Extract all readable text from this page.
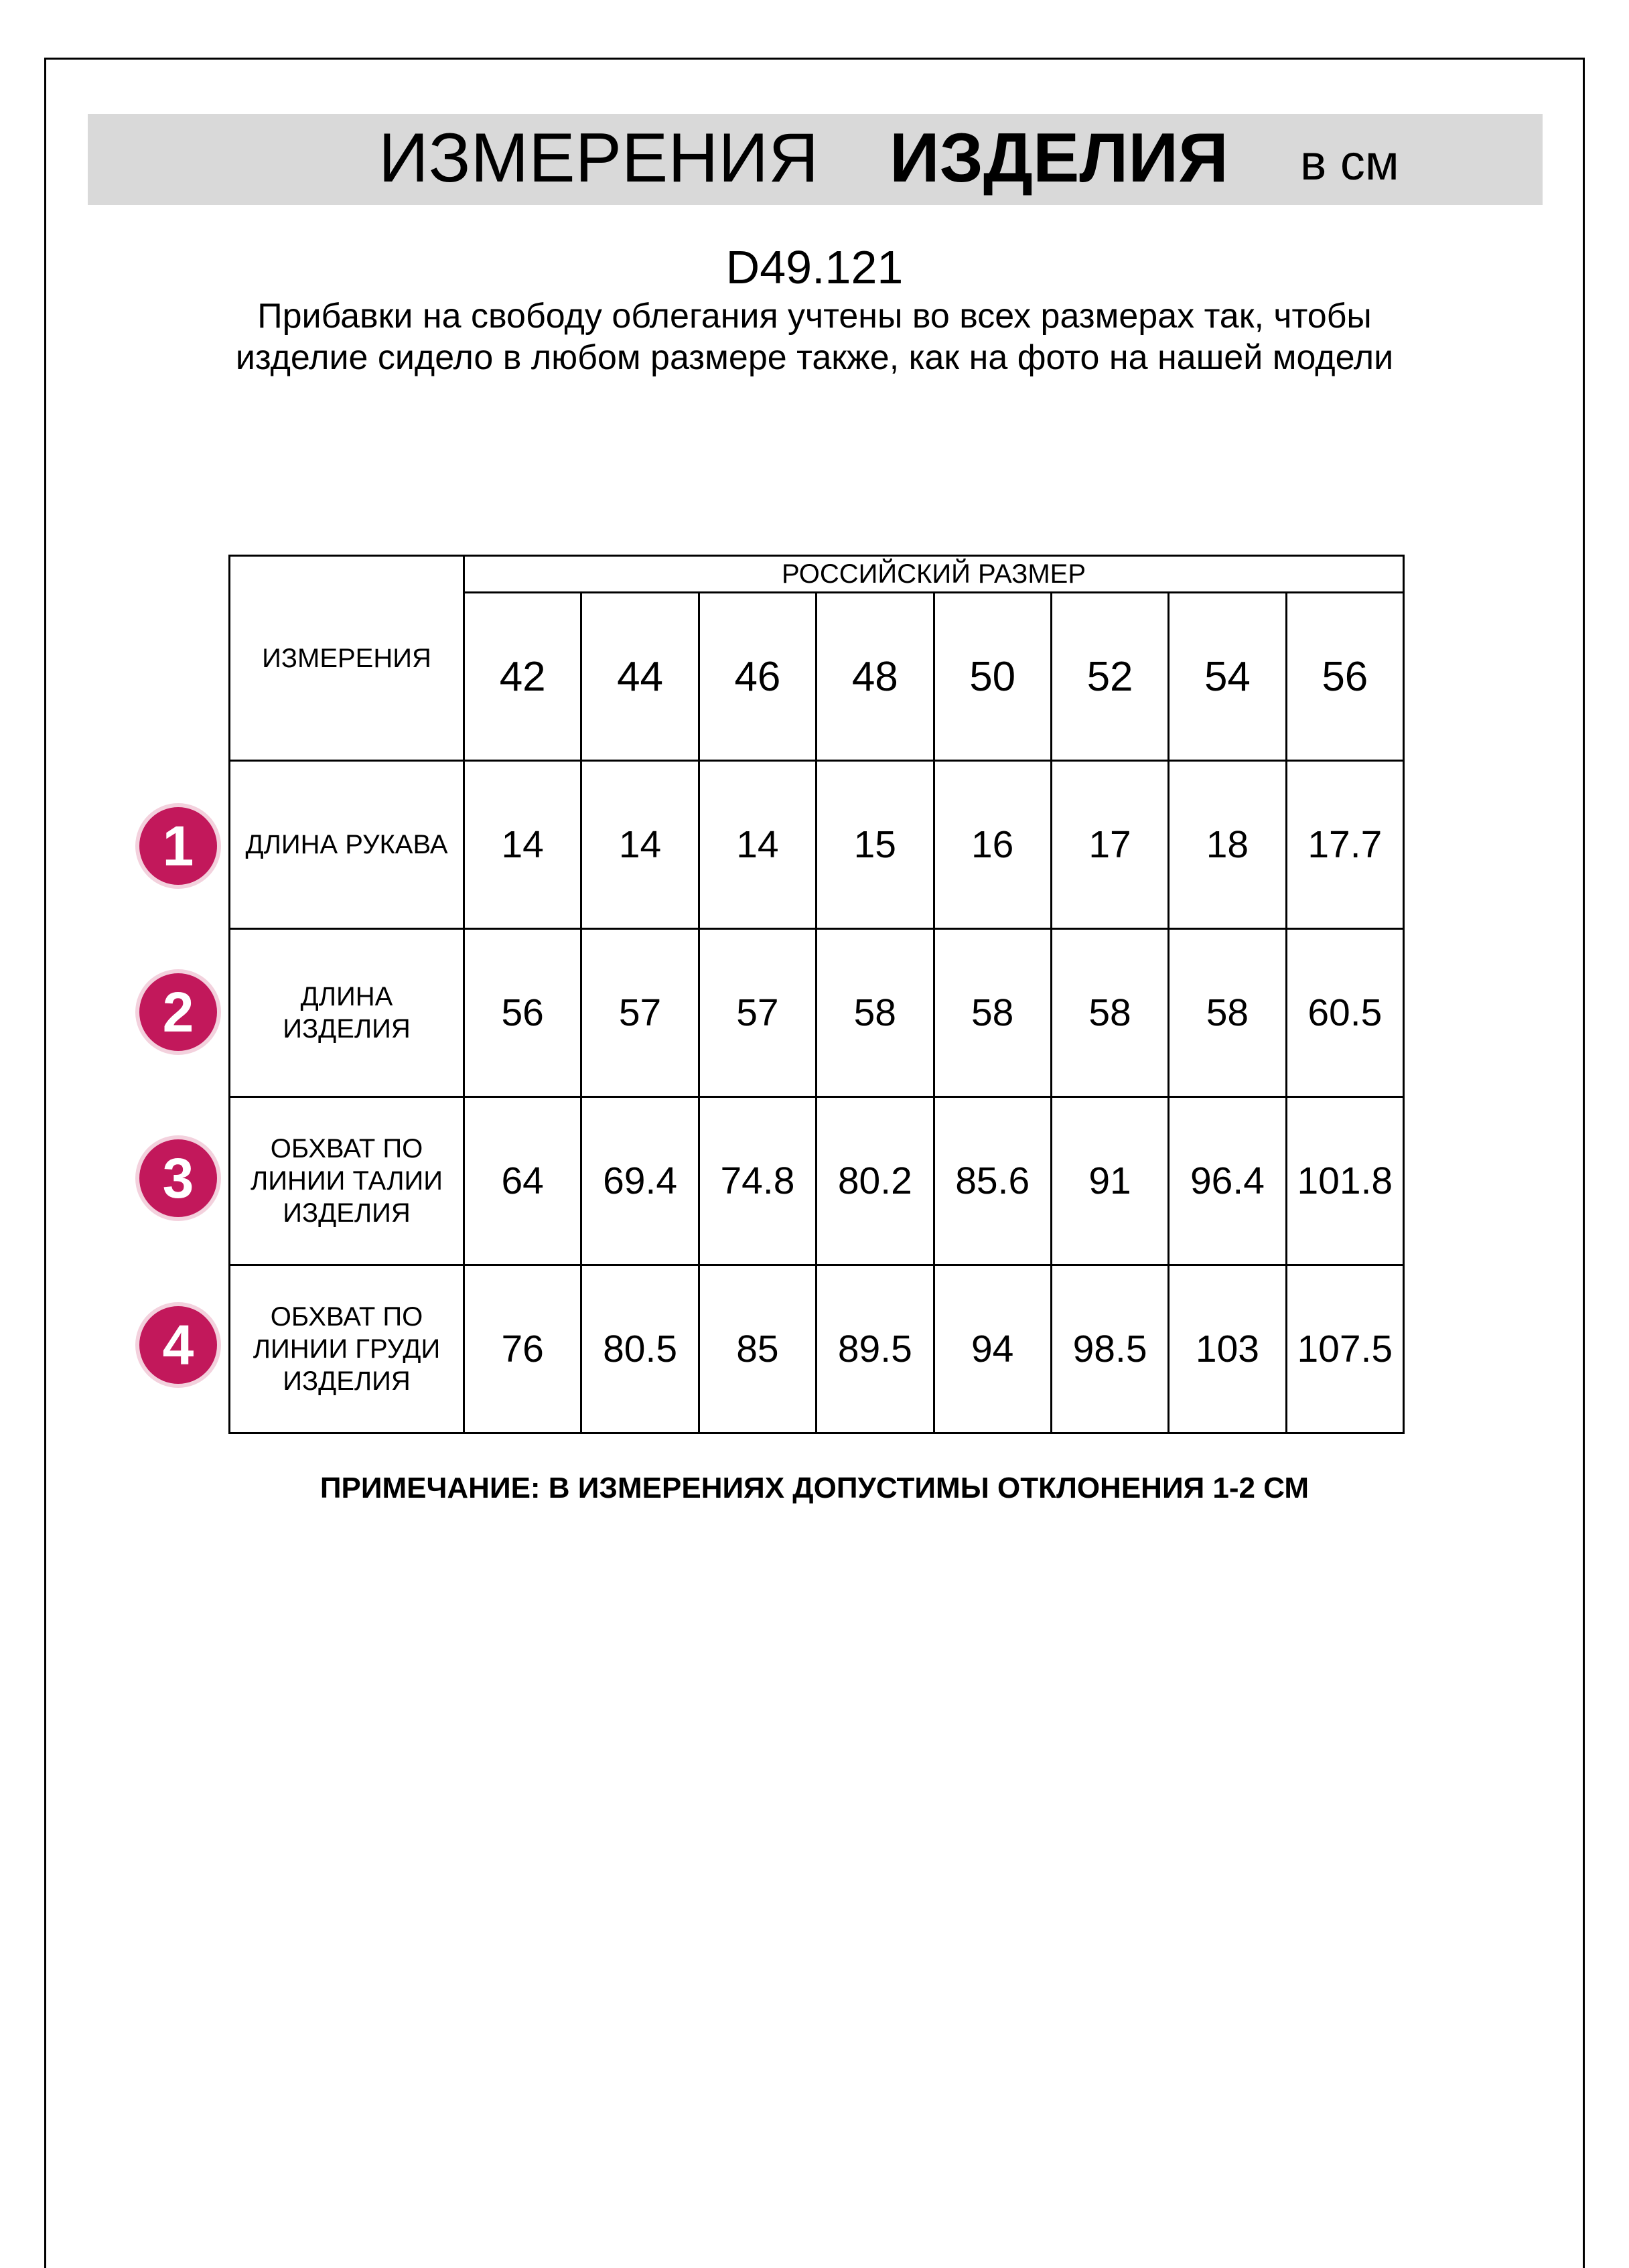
ИЗМЕРЕНИЯ ИЗДЕЛИЯ в см
D49.121
Прибавки на свободу облегания учтены во всех размерах так, чтобы изделие сидело в любом размере также, как на фото на нашей модели
ИЗМЕРЕНИЯ	РОССИЙСКИЙ РАЗМЕР							
	42	44	46	48	50	52	54	56
ДЛИНА РУКАВА	14	14	14	15	16	17	18	17.7
ДЛИНА ИЗДЕЛИЯ	56	57	57	58	58	58	58	60.5
ОБХВАТ ПО ЛИНИИ ТАЛИИ ИЗДЕЛИЯ	64	69.4	74.8	80.2	85.6	91	96.4	101.8
ОБХВАТ ПО ЛИНИИ ГРУДИ ИЗДЕЛИЯ	76	80.5	85	89.5	94	98.5	103	107.5
1
2
3
4
ПРИМЕЧАНИЕ: В ИЗМЕРЕНИЯХ ДОПУСТИМЫ ОТКЛОНЕНИЯ 1-2 СМ
